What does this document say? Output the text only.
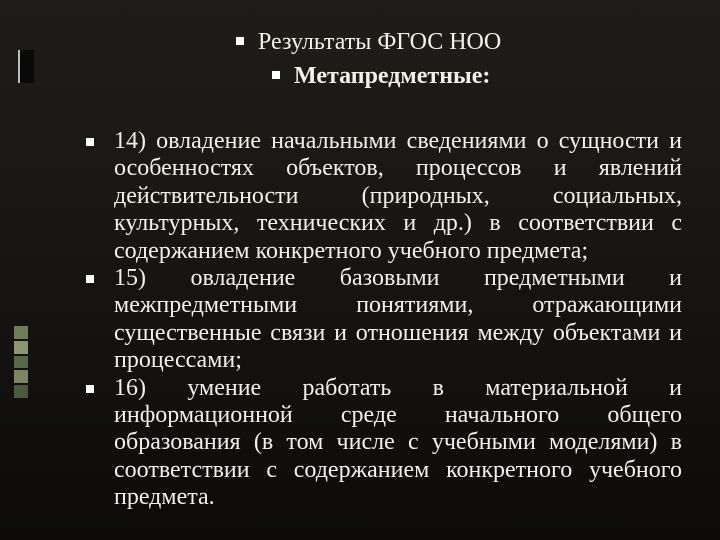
Результаты ФГОС НОО
Метапредметные:
14) овладение начальными сведениями о сущности и особенностях объектов, процессов и явлений действительности (природных, социальных, культурных, технических и др.) в соответствии с содержанием конкретного учебного предмета;
15) овладение базовыми предметными и межпредметными понятиями, отражающими существенные связи и отношения между объектами и процессами;
16) умение работать в материальной и информационной среде начального общего образования (в том числе с учебными моделями) в соответствии с содержанием конкретного учебного предмета.
